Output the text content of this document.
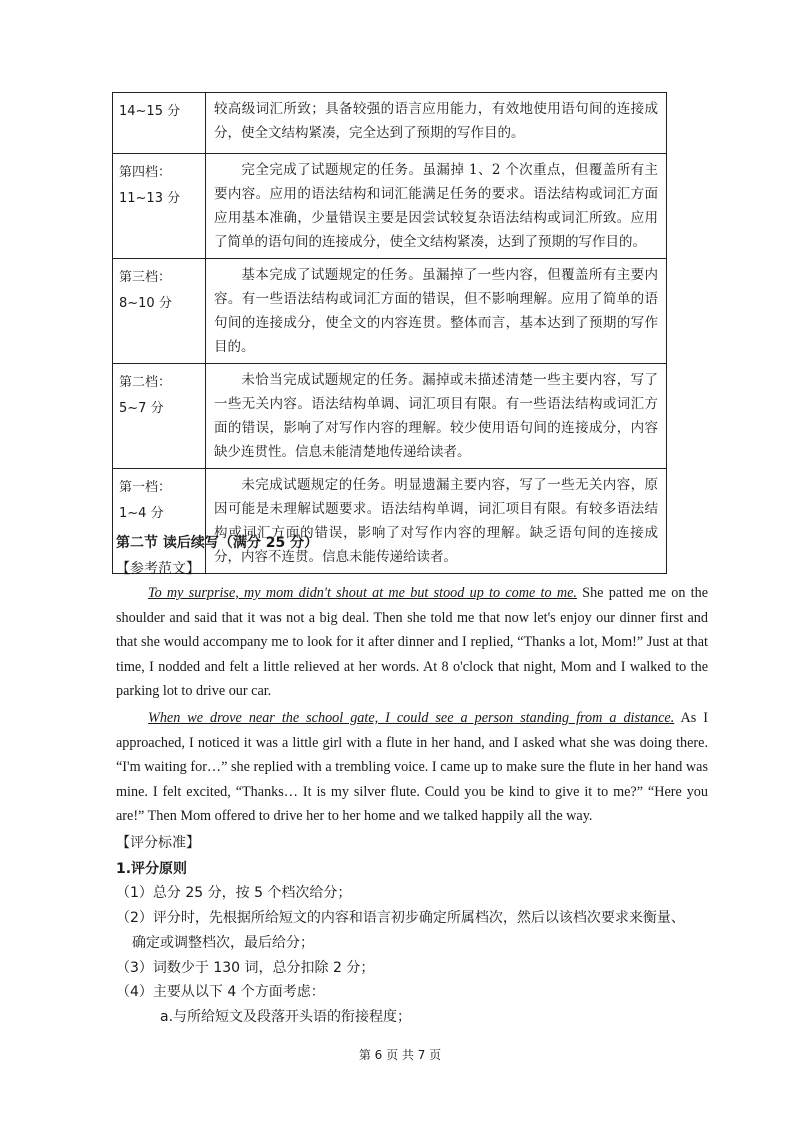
14~15 分	较高级词汇所致；具备较强的语言应用能力，有效地使用语句间的连接成分，使全文结构紧凑，完全达到了预期的写作目的。

第四档：
11~13 分	完全完成了试题规定的任务。虽漏掉 1、2 个次重点，但覆盖所有主要内容。应用的语法结构和词汇能满足任务的要求。语法结构或词汇方面应用基本准确，少量错误主要是因尝试较复杂语法结构或词汇所致。应用了简单的语句间的连接成分，使全文结构紧凑，达到了预期的写作目的。

第三档：
8~10 分	基本完成了试题规定的任务。虽漏掉了一些内容，但覆盖所有主要内容。有一些语法结构或词汇方面的错误，但不影响理解。应用了简单的语句间的连接成分，使全文的内容连贯。整体而言，基本达到了预期的写作目的。

第二档：
5~7 分	未恰当完成试题规定的任务。漏掉或未描述清楚一些主要内容，写了一些无关内容。语法结构单调、词汇项目有限。有一些语法结构或词汇方面的错误，影响了对写作内容的理解。较少使用语句间的连接成分，内容缺少连贯性。信息未能清楚地传递给读者。

第一档：
1~4 分	未完成试题规定的任务。明显遗漏主要内容，写了一些无关内容，原因可能是未理解试题要求。语法结构单调，词汇项目有限。有较多语法结构或词汇方面的错误，影响了对写作内容的理解。缺乏语句间的连接成分，内容不连贯。信息未能传递给读者。
第二节 读后续写（满分 25 分）
【参考范文】
To my surprise, my mom didn't shout at me but stood up to come to me. She patted me on the shoulder and said that it was not a big deal. Then she told me that now let's enjoy our dinner first and that she would accompany me to look for it after dinner and I replied, “Thanks a lot, Mom!” Just at that time, I nodded and felt a little relieved at her words. At 8 o'clock that night, Mom and I walked to the parking lot to drive our car.
When we drove near the school gate, I could see a person standing from a distance. As I approached, I noticed it was a little girl with a flute in her hand, and I asked what she was doing there. “I'm waiting for…” she replied with a trembling voice. I came up to make sure the flute in her hand was mine. I felt excited, “Thanks… It is my silver flute. Could you be kind to give it to me?” “Here you are!” Then Mom offered to drive her to her home and we talked happily all the way.
【评分标准】
1.评分原则
（1）总分 25 分，按 5 个档次给分；
（2）评分时，先根据所给短文的内容和语言初步确定所属档次，然后以该档次要求来衡量、
确定或调整档次，最后给分；
（3）词数少于 130 词，总分扣除 2 分；
（4）主要从以下 4 个方面考虑：
a.与所给短文及段落开头语的衔接程度；
第 6 页 共 7 页
